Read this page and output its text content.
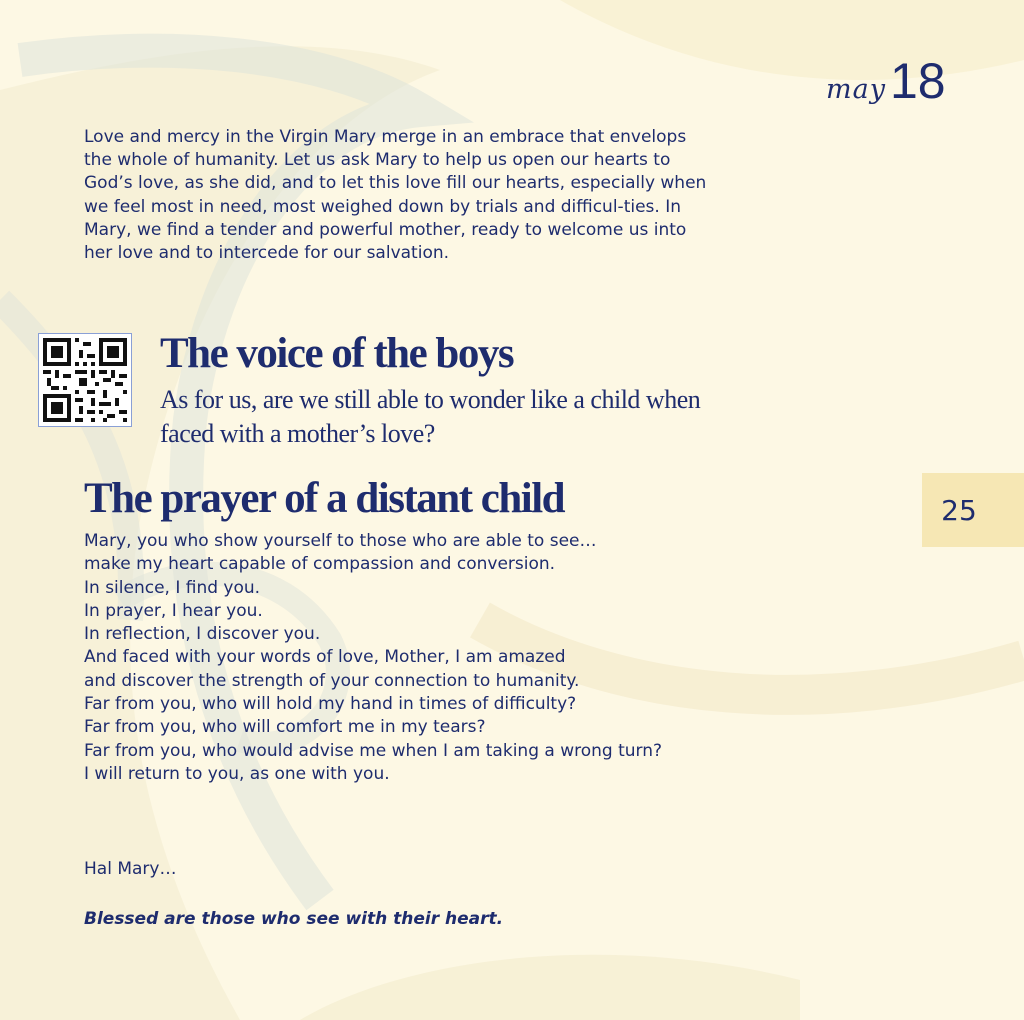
may 18
Love and mercy in the Virgin Mary merge in an embrace that envelops
the whole of humanity. Let us ask Mary to help us open our hearts to
God’s love, as she did, and to let this love fill our hearts, especially when
we feel most in need, most weighed down by trials and difficul-ties. In
Mary, we find a tender and powerful mother, ready to welcome us into
her love and to intercede for our salvation.
The voice of the boys
As for us, are we still able to wonder like a child when
faced with a mother’s love?
The prayer of a distant child	25
Mary, you who show yourself to those who are able to see…
make my heart capable of compassion and conversion.
In silence, I find you.
In prayer, I hear you.
In reflection, I discover you.
And faced with your words of love, Mother, I am amazed
and discover the strength of your connection to humanity.
Far from you, who will hold my hand in times of difficulty?
Far from you, who will comfort me in my tears?
Far from you, who would advise me when I am taking a wrong turn?
I will return to you, as one with you.

Hal Mary…

Blessed are those who see with their heart.
